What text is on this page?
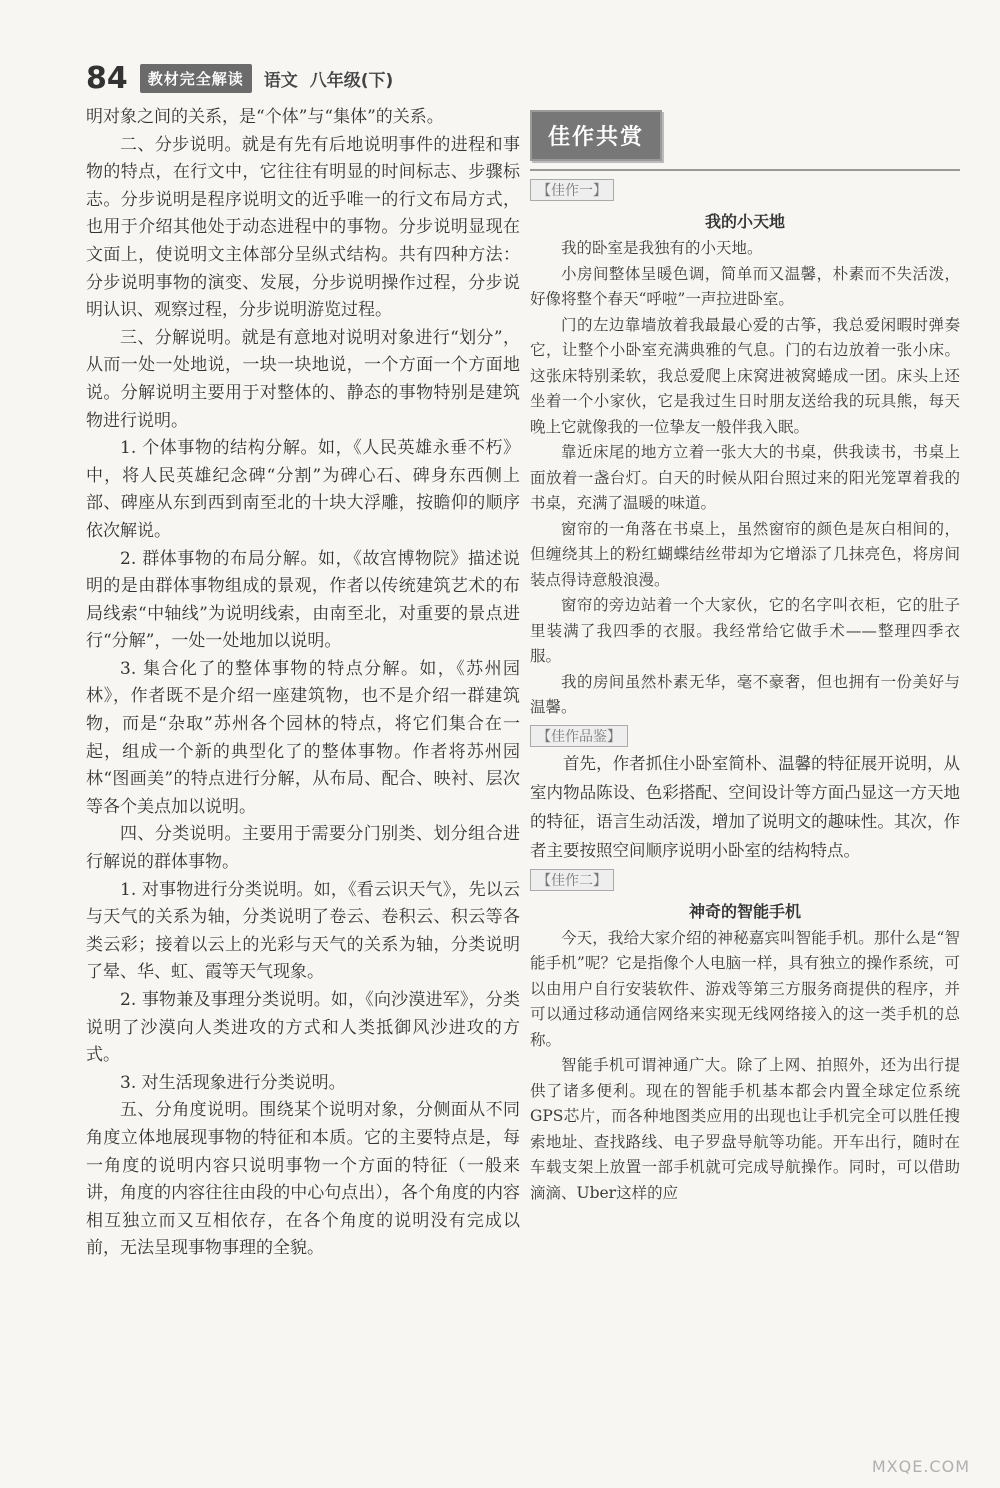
84	教材完全解读	语文 八年级(下)

明对象之间的关系，是“个体”与“集体”的关系。

二、分步说明。就是有先有后地说明事件的进程和事物的特点，在行文中，它往往有明显的时间标志、步骤标志。分步说明是程序说明文的近乎唯一的行文布局方式，也用于介绍其他处于动态进程中的事物。分步说明显现在文面上，使说明文主体部分呈纵式结构。共有四种方法：分步说明事物的演变、发展，分步说明操作过程，分步说明认识、观察过程，分步说明游览过程。

三、分解说明。就是有意地对说明对象进行“划分”，从而一处一处地说，一块一块地说，一个方面一个方面地说。分解说明主要用于对整体的、静态的事物特别是建筑物进行说明。

1. 个体事物的结构分解。如，《人民英雄永垂不朽》中，将人民英雄纪念碑“分割”为碑心石、碑身东西侧上部、碑座从东到西到南至北的十块大浮雕，按瞻仰的顺序依次解说。

2. 群体事物的布局分解。如，《故宫博物院》描述说明的是由群体事物组成的景观，作者以传统建筑艺术的布局线索“中轴线”为说明线索，由南至北，对重要的景点进行“分解”，一处一处地加以说明。

3. 集合化了的整体事物的特点分解。如，《苏州园林》，作者既不是介绍一座建筑物，也不是介绍一群建筑物，而是“杂取”苏州各个园林的特点，将它们集合在一起，组成一个新的典型化了的整体事物。作者将苏州园林“图画美”的特点进行分解，从布局、配合、映衬、层次等各个美点加以说明。

四、分类说明。主要用于需要分门别类、划分组合进行解说的群体事物。

1. 对事物进行分类说明。如，《看云识天气》，先以云与天气的关系为轴，分类说明了卷云、卷积云、积云等各类云彩；接着以云上的光彩与天气的关系为轴，分类说明了晕、华、虹、霞等天气现象。

2. 事物兼及事理分类说明。如，《向沙漠进军》，分类说明了沙漠向人类进攻的方式和人类抵御风沙进攻的方式。

3. 对生活现象进行分类说明。

五、分角度说明。围绕某个说明对象，分侧面从不同角度立体地展现事物的特征和本质。它的主要特点是，每一角度的说明内容只说明事物一个方面的特征（一般来讲，角度的内容往往由段的中心句点出），各个角度的内容相互独立而又互相依存，在各个角度的说明没有完成以前，无法呈现事物事理的全貌。

佳作共赏
【佳作一】
我的小天地

我的卧室是我独有的小天地。

小房间整体呈暖色调，简单而又温馨，朴素而不失活泼，好像将整个春天“呼啦”一声拉进卧室。

门的左边靠墙放着我最最心爱的古筝，我总爱闲暇时弹奏它，让整个小卧室充满典雅的气息。门的右边放着一张小床。这张床特别柔软，我总爱爬上床窝进被窝蜷成一团。床头上还坐着一个小家伙，它是我过生日时朋友送给我的玩具熊，每天晚上它就像我的一位挚友一般伴我入眠。

靠近床尾的地方立着一张大大的书桌，供我读书，书桌上面放着一盏台灯。白天的时候从阳台照过来的阳光笼罩着我的书桌，充满了温暖的味道。

窗帘的一角落在书桌上，虽然窗帘的颜色是灰白相间的，但缠绕其上的粉红蝴蝶结丝带却为它增添了几抹亮色，将房间装点得诗意般浪漫。

窗帘的旁边站着一个大家伙，它的名字叫衣柜，它的肚子里装满了我四季的衣服。我经常给它做手术——整理四季衣服。

我的房间虽然朴素无华，毫不豪奢，但也拥有一份美好与温馨。

【佳作品鉴】

首先，作者抓住小卧室简朴、温馨的特征展开说明，从室内物品陈设、色彩搭配、空间设计等方面凸显这一方天地的特征，语言生动活泼，增加了说明文的趣味性。其次，作者主要按照空间顺序说明小卧室的结构特点。

【佳作二】
神奇的智能手机

今天，我给大家介绍的神秘嘉宾叫智能手机。那什么是“智能手机”呢？它是指像个人电脑一样，具有独立的操作系统，可以由用户自行安装软件、游戏等第三方服务商提供的程序，并可以通过移动通信网络来实现无线网络接入的这一类手机的总称。

智能手机可谓神通广大。除了上网、拍照外，还为出行提供了诸多便利。现在的智能手机基本都会内置全球定位系统GPS芯片，而各种地图类应用的出现也让手机完全可以胜任搜索地址、查找路线、电子罗盘导航等功能。开车出行，随时在车载支架上放置一部手机就可完成导航操作。同时，可以借助滴滴、Uber这样的应

MXQE.COM
